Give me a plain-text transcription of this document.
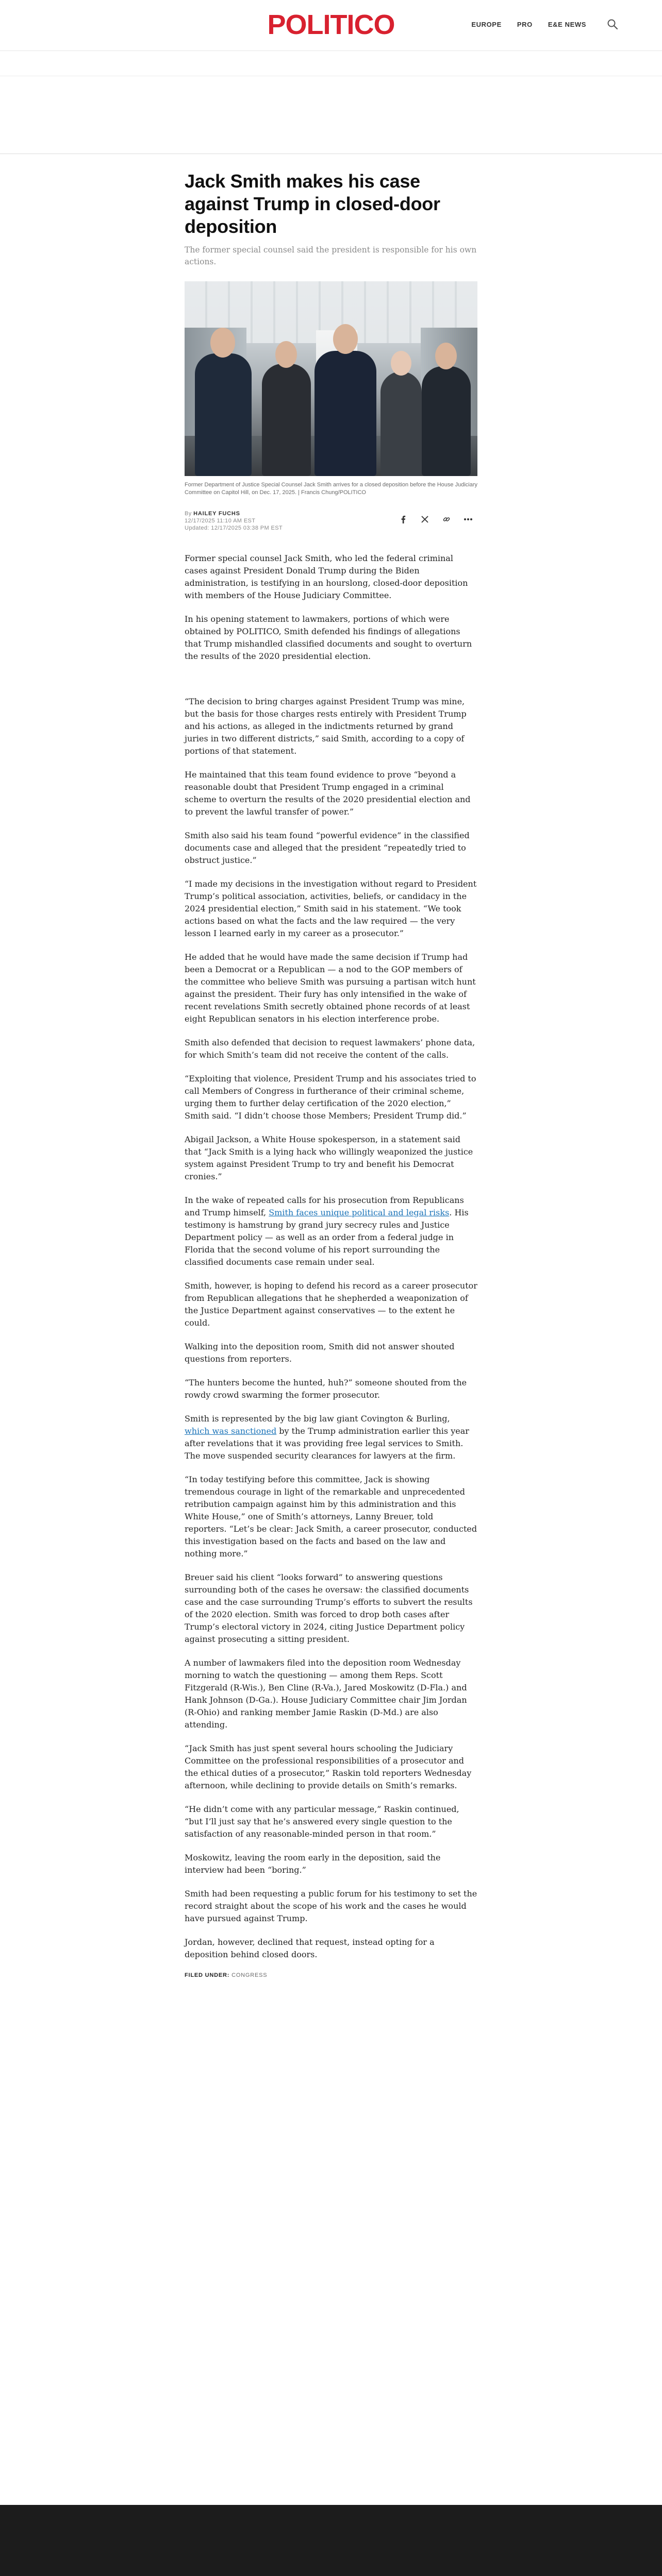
POLITICO	EUROPE PRO E&E NEWS
Jack Smith makes his case against Trump in closed-door deposition

The former special counsel said the president is responsible for his own actions.

Former Department of Justice Special Counsel Jack Smith arrives for a closed deposition before the House Judiciary Committee on Capitol Hill, on Dec. 17, 2025. | Francis Chung/POLITICO
By HAILEY FUCHS
12/17/2025 11:10 AM EST
Updated: 12/17/2025 03:38 PM EST

Former special counsel Jack Smith, who led the federal criminal cases against President Donald Trump during the Biden administration, is testifying in an hourslong, closed-door deposition with members of the House Judiciary Committee.

In his opening statement to lawmakers, portions of which were obtained by POLITICO, Smith defended his findings of allegations that Trump mishandled classified documents and sought to overturn the results of the 2020 presidential election.

“The decision to bring charges against President Trump was mine, but the basis for those charges rests entirely with President Trump and his actions, as alleged in the indictments returned by grand juries in two different districts,” said Smith, according to a copy of portions of that statement.

He maintained that this team found evidence to prove “beyond a reasonable doubt that President Trump engaged in a criminal scheme to overturn the results of the 2020 presidential election and to prevent the lawful transfer of power.”

Smith also said his team found “powerful evidence” in the classified documents case and alleged that the president “repeatedly tried to obstruct justice.”

“I made my decisions in the investigation without regard to President Trump’s political association, activities, beliefs, or candidacy in the 2024 presidential election,” Smith said in his statement. “We took actions based on what the facts and the law required — the very lesson I learned early in my career as a prosecutor.”

He added that he would have made the same decision if Trump had been a Democrat or a Republican — a nod to the GOP members of the committee who believe Smith was pursuing a partisan witch hunt against the president. Their fury has only intensified in the wake of recent revelations Smith secretly obtained phone records of at least eight Republican senators in his election interference probe.

Smith also defended that decision to request lawmakers’ phone data, for which Smith’s team did not receive the content of the calls.

“Exploiting that violence, President Trump and his associates tried to call Members of Congress in furtherance of their criminal scheme, urging them to further delay certification of the 2020 election,” Smith said. “I didn’t choose those Members; President Trump did.”

Abigail Jackson, a White House spokesperson, in a statement said that “Jack Smith is a lying hack who willingly weaponized the justice system against President Trump to try and benefit his Democrat cronies.”

In the wake of repeated calls for his prosecution from Republicans and Trump himself, Smith faces unique political and legal risks. His testimony is hamstrung by grand jury secrecy rules and Justice Department policy — as well as an order from a federal judge in Florida that the second volume of his report surrounding the classified documents case remain under seal.

Smith, however, is hoping to defend his record as a career prosecutor from Republican allegations that he shepherded a weaponization of the Justice Department against conservatives — to the extent he could.

Walking into the deposition room, Smith did not answer shouted questions from reporters.

“The hunters become the hunted, huh?” someone shouted from the rowdy crowd swarming the former prosecutor.

Smith is represented by the big law giant Covington & Burling, which was sanctioned by the Trump administration earlier this year after revelations that it was providing free legal services to Smith. The move suspended security clearances for lawyers at the firm.

“In today testifying before this committee, Jack is showing tremendous courage in light of the remarkable and unprecedented retribution campaign against him by this administration and this White House,” one of Smith’s attorneys, Lanny Breuer, told reporters. “Let’s be clear: Jack Smith, a career prosecutor, conducted this investigation based on the facts and based on the law and nothing more.”

Breuer said his client “looks forward” to answering questions surrounding both of the cases he oversaw: the classified documents case and the case surrounding Trump’s efforts to subvert the results of the 2020 election. Smith was forced to drop both cases after Trump’s electoral victory in 2024, citing Justice Department policy against prosecuting a sitting president.

A number of lawmakers filed into the deposition room Wednesday morning to watch the questioning — among them Reps. Scott Fitzgerald (R-Wis.), Ben Cline (R-Va.), Jared Moskowitz (D-Fla.) and Hank Johnson (D-Ga.). House Judiciary Committee chair Jim Jordan (R-Ohio) and ranking member Jamie Raskin (D-Md.) are also attending.

“Jack Smith has just spent several hours schooling the Judiciary Committee on the professional responsibilities of a prosecutor and the ethical duties of a prosecutor,” Raskin told reporters Wednesday afternoon, while declining to provide details on Smith’s remarks.

“He didn’t come with any particular message,” Raskin continued, “but I’ll just say that he’s answered every single question to the satisfaction of any reasonable-minded person in that room.”

Moskowitz, leaving the room early in the deposition, said the interview had been “boring.”

Smith had been requesting a public forum for his testimony to set the record straight about the scope of his work and the cases he would have pursued against Trump.

Jordan, however, declined that request, instead opting for a deposition behind closed doors.

FILED UNDER: CONGRESS
